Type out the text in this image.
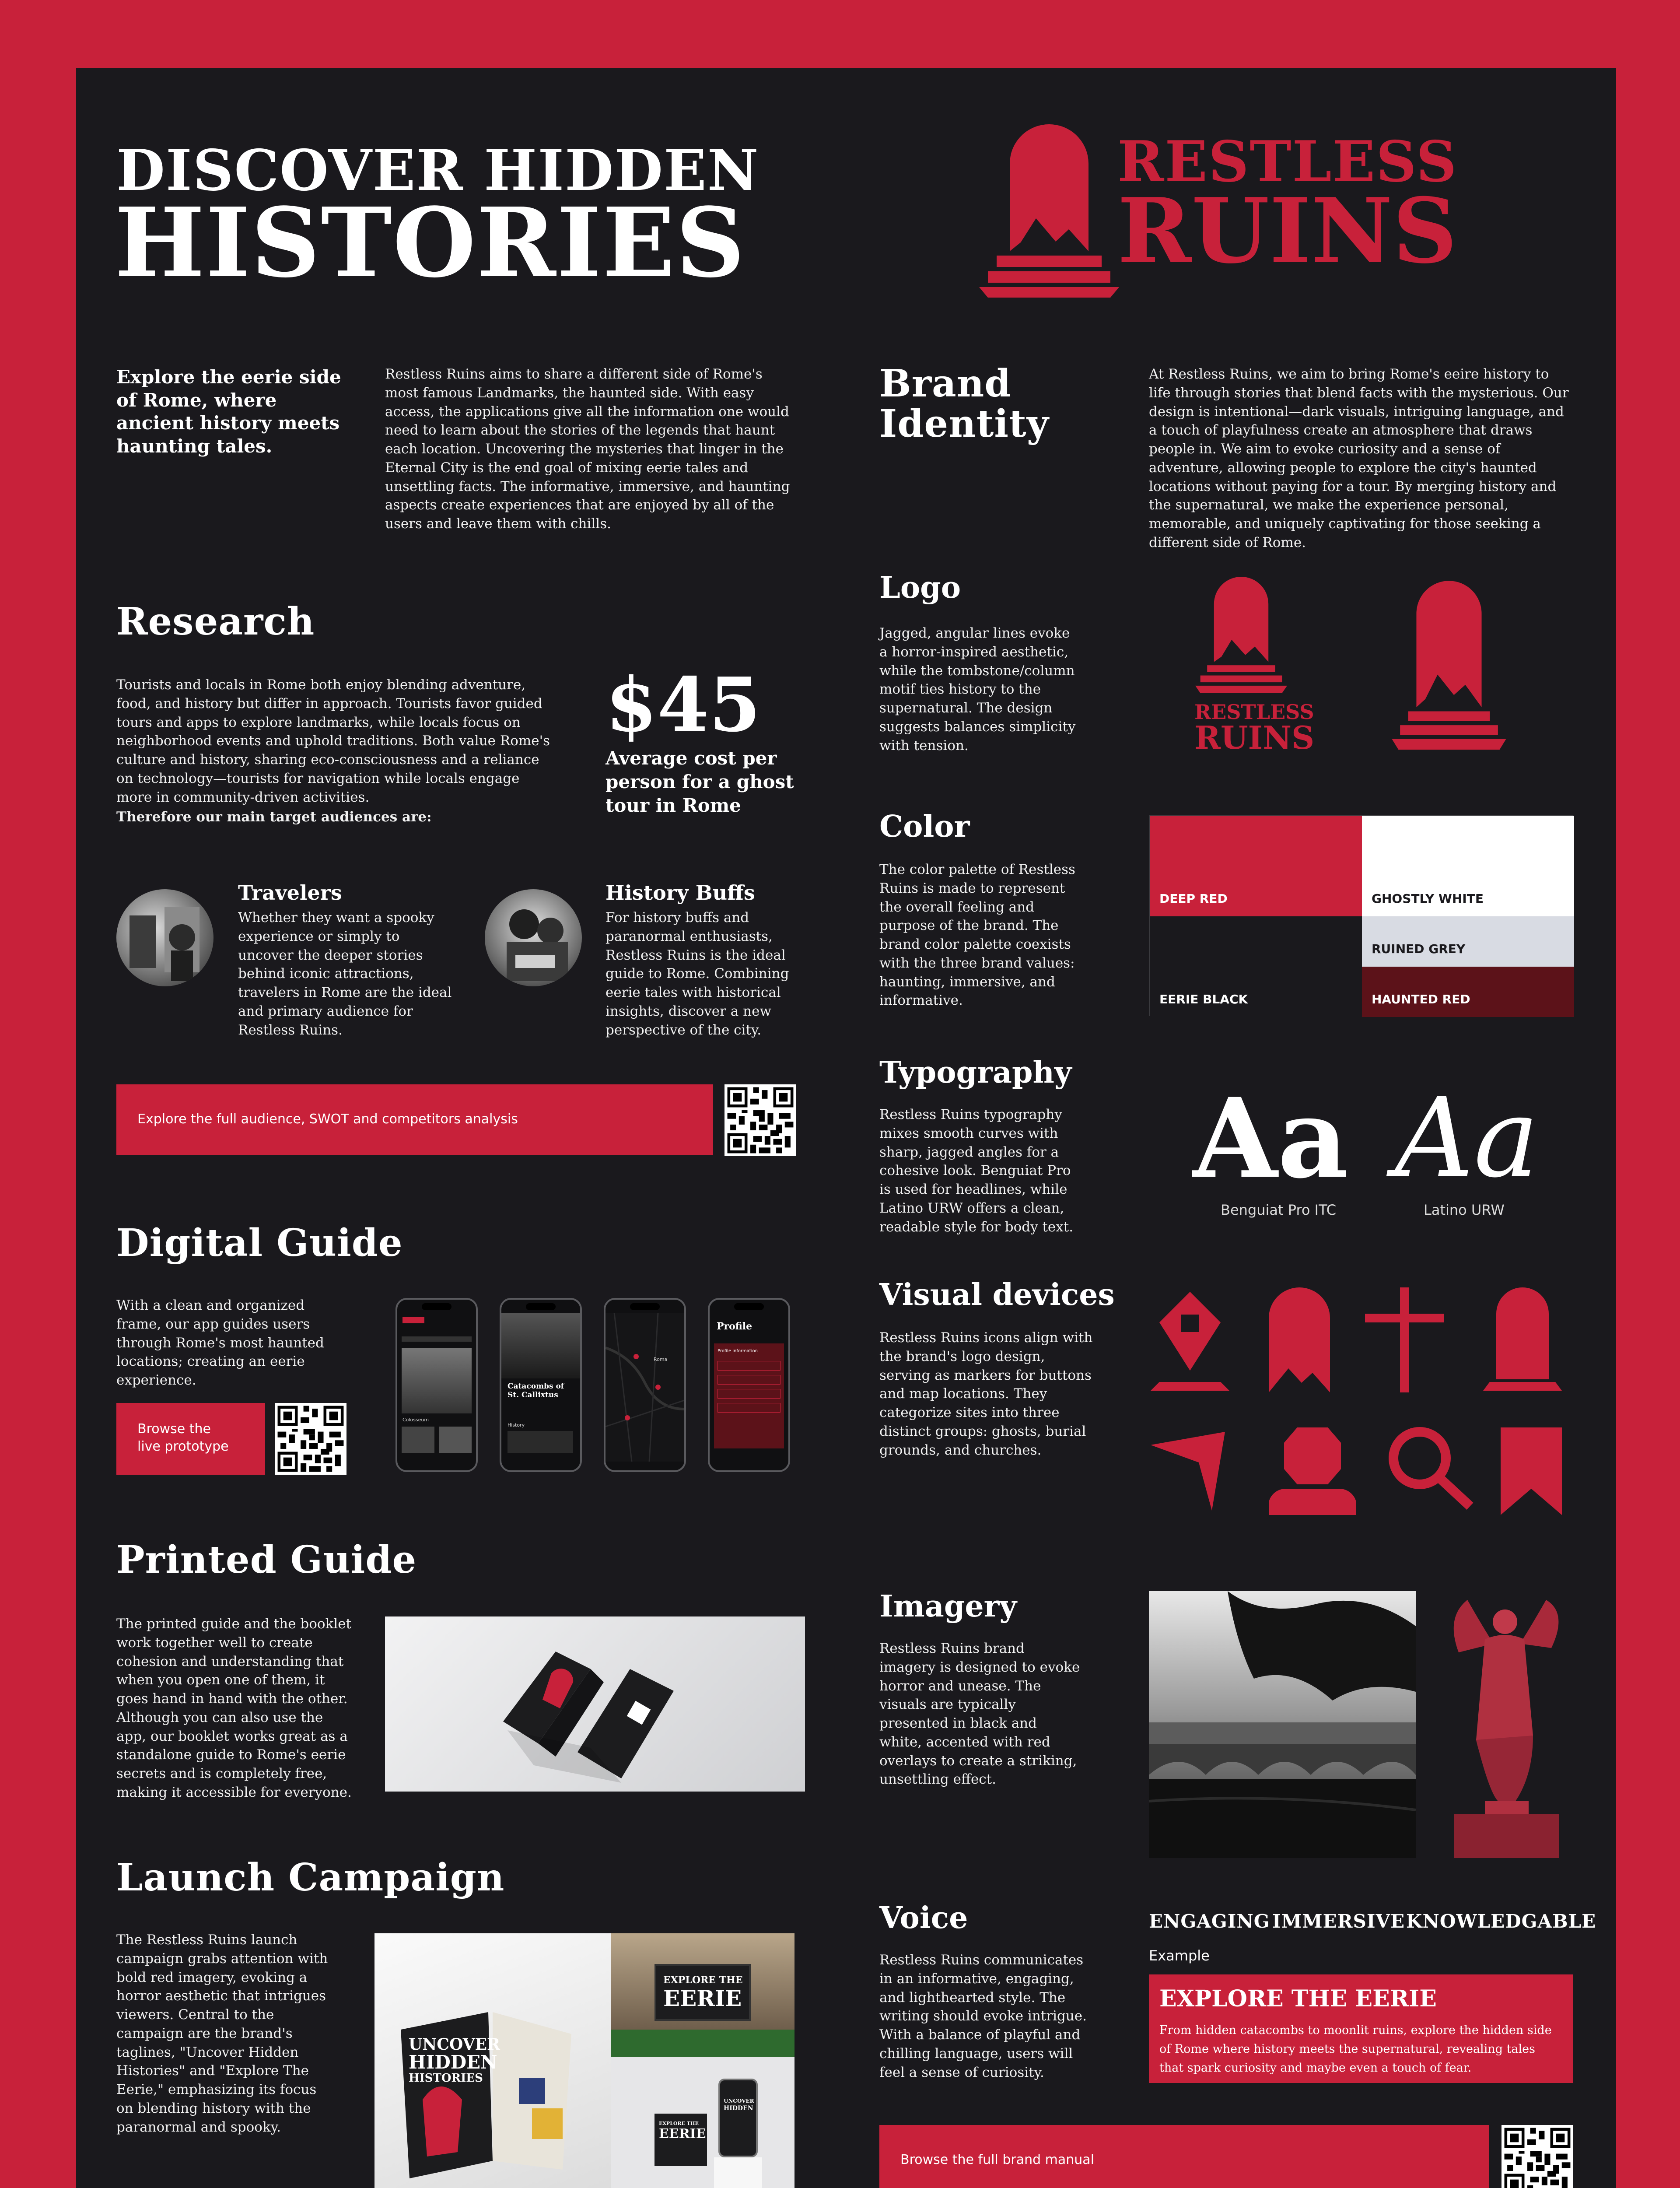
DISCOVER HIDDEN
HISTORIES
RESTLESS
RUINS
Explore the eerie side of Rome, where ancient history meets haunting tales.
Restless Ruins aims to share a different side of Rome's most famous Landmarks, the haunted side. With easy access, the applications give all the information one would need to learn about the stories of the legends that haunt each location. Uncovering the mysteries that linger in the Eternal City is the end goal of mixing eerie tales and unsettling facts. The informative, immersive, and haunting aspects create experiences that are enjoyed by all of the users and leave them with chills.
Brand
Identity
At Restless Ruins, we aim to bring Rome's eeire history to life through stories that blend facts with the mysterious. Our design is intentional—dark visuals, intriguing language, and a touch of playfulness create an atmosphere that draws people in. We aim to evoke curiosity and a sense of adventure, allowing people to explore the city's haunted locations without paying for a tour. By merging history and the supernatural, we make the experience personal, memorable, and uniquely captivating for those seeking a different side of Rome.
Research
Tourists and locals in Rome both enjoy blending adventure, food, and history but differ in approach. Tourists favor guided tours and apps to explore landmarks, while locals focus on neighborhood events and uphold traditions. Both value Rome's culture and history, sharing eco-consciousness and a reliance on technology—tourists for navigation while locals engage more in community-driven activities.
Therefore our main target audiences are:
$45
Average cost per person for a ghost tour in Rome
Travelers
Whether they want a spooky experience or simply to uncover the deeper stories behind iconic attractions, travelers in Rome are the ideal and primary audience for Restless Ruins.
History Buffs
For history buffs and paranormal enthusiasts, Restless Ruins is the ideal guide to Rome. Combining eerie tales with historical insights, discover a new perspective of the city.
Explore the full audience, SWOT and competitors analysis
Digital Guide
With a clean and organized frame, our app guides users through Rome's most haunted locations; creating an eerie experience.
Browse the
live prototype
Colosseum
Catacombs of St. Callixtus
History
Roma
Profile
Profile information
Printed Guide
The printed guide and the booklet work together well to create cohesion and understanding that when you open one of them, it goes hand in hand with the other. Although you can also use the app, our booklet works great as a standalone guide to Rome's eerie secrets and is completely free, making it accessible for everyone.
Launch Campaign
The Restless Ruins launch campaign grabs attention with bold red imagery, evoking a horror aesthetic that intrigues viewers. Central to the campaign are the brand's taglines, "Uncover Hidden Histories" and "Explore The Eerie," emphasizing its focus on blending history with the paranormal and spooky.
UNCOVER
HIDDEN
HISTORIES
EXPLORE THE
EERIE
EXPLORE THE
EERIE
UNCOVER
HIDDEN
Logo
Jagged, angular lines evoke a horror-inspired aesthetic, while the tombstone/column motif ties history to the supernatural. The design suggests balances simplicity with tension.
RESTLESS
RUINS
Color
The color palette of Restless Ruins is made to represent the overall feeling and purpose of the brand. The brand color palette coexists with the three brand values: haunting, immersive, and informative.
DEEP RED	GHOSTLY WHITE
RUINED GREY
EERIE BLACK	HAUNTED RED
Typography
Restless Ruins typography mixes smooth curves with sharp, jagged angles for a cohesive look. Benguiat Pro is used for headlines, while Latino URW offers a clean, readable style for body text.
Aa
Benguiat Pro ITC
Aa
Latino URW
Visual devices
Restless Ruins icons align with the brand's logo design, serving as markers for buttons and map locations. They categorize sites into three distinct groups: ghosts, burial grounds, and churches.
Imagery
Restless Ruins brand imagery is designed to evoke horror and unease. The visuals are typically presented in black and white, accented with red overlays to create a striking, unsettling effect.
Voice
Restless Ruins communicates in an informative, engaging, and lighthearted style. The writing should evoke intrigue. With a balance of playful and chilling language, users will feel a sense of curiosity.
ENGAGING IMMERSIVE KNOWLEDGABLE
Example
EXPLORE THE EERIE
From hidden catacombs to moonlit ruins, explore the hidden side of Rome where history meets the supernatural, revealing tales that spark curiosity and maybe even a touch of fear.
Browse the full brand manual
